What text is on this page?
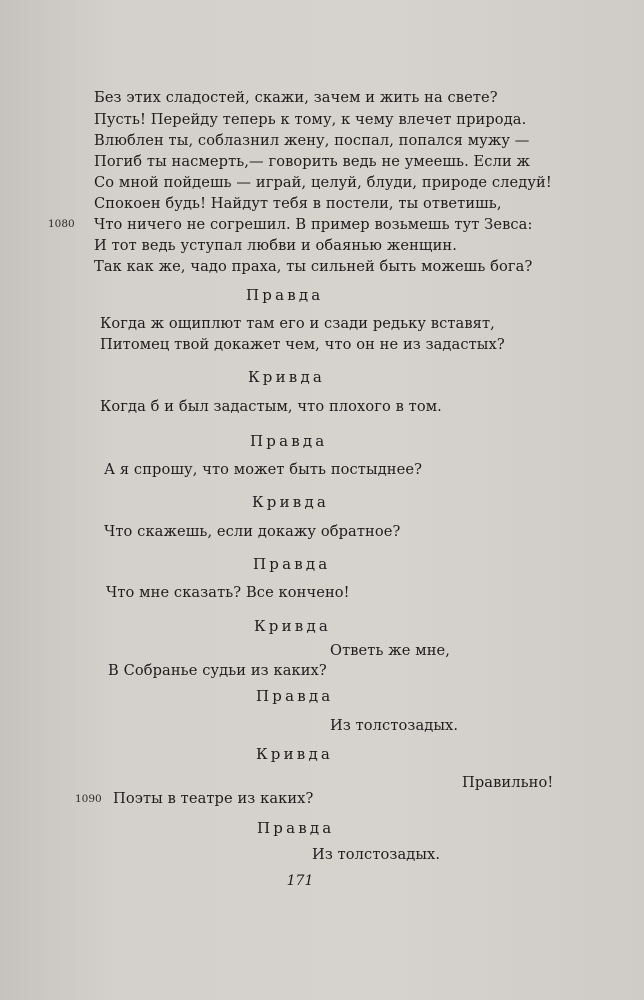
Без этих сладостей, скажи, зачем и жить на свете?
Пусть! Перейду теперь к тому, к чему влечет природа.
Влюблен ты, соблазнил жену, поспал, попался мужу —
Погиб ты насмерть,— говорить ведь не умеешь. Если ж
Со мной пойдешь — играй, целуй, блуди, природе следуй!
Спокоен будь! Найдут тебя в постели, ты ответишь,
1080 Что ничего не согрешил. В пример возьмешь тут Зевса:
И тот ведь уступал любви и обаянью женщин.
Так как же, чадо праха, ты сильней быть можешь бога?
Правда
Когда ж ощиплют там его и сзади редьку вставят,
Питомец твой докажет чем, что он не из задастых?
Кривда
Когда б и был задастым, что плохого в том.
Правда
А я спрошу, что может быть постыднее?
Кривда
Что скажешь, если докажу обратное?
Правда
Что мне сказать? Все кончено!
Кривда
Ответь же мне,
В Собранье судьи из каких?
Правда
Из толстозадых.
Кривда
Правильно!
1090 Поэты в театре из каких?
Правда
Из толстозадых.
171
